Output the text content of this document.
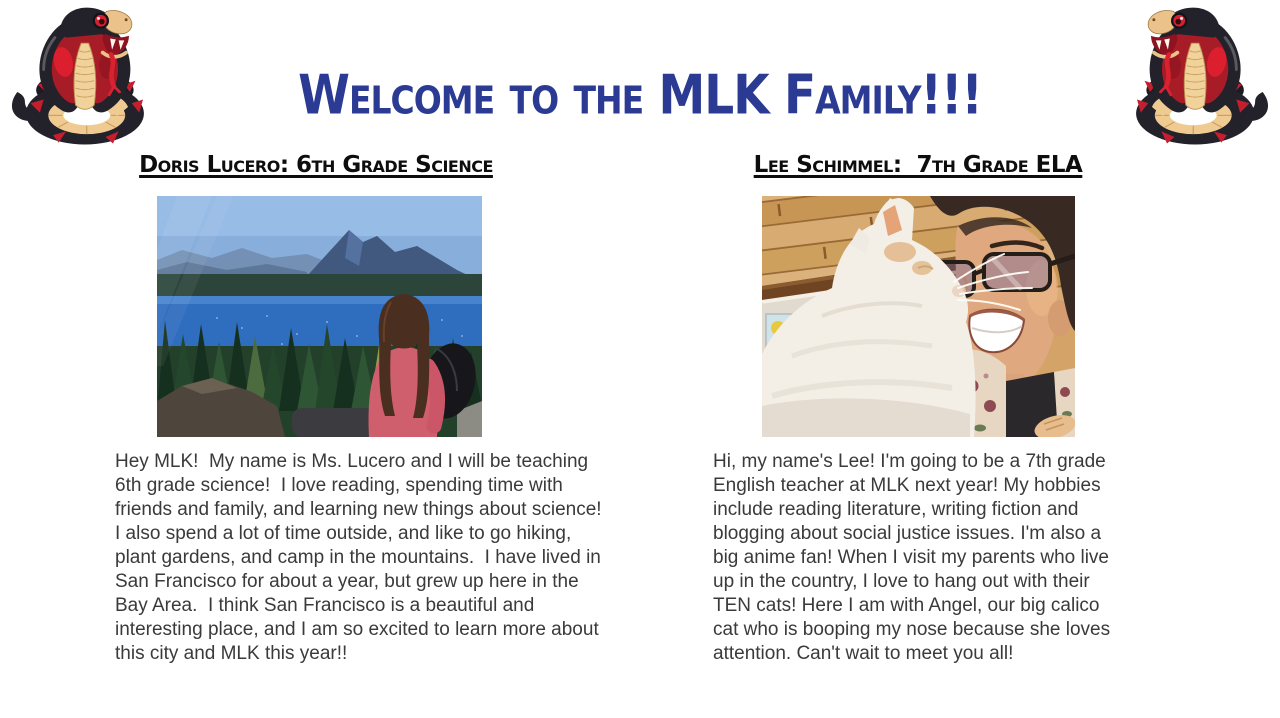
Welcome to the MLK Family!!!
Doris Lucero: 6th Grade Science

Hey MLK!  My name is Ms. Lucero and I will be teaching 6th grade science!  I love reading, spending time with friends and family, and learning new things about science!  I also spend a lot of time outside, and like to go hiking, plant gardens, and camp in the mountains.  I have lived in San Francisco for about a year, but grew up here in the Bay Area.  I think San Francisco is a beautiful and interesting place, and I am so excited to learn more about this city and MLK this year!!

Lee Schimmel:  7th Grade ELA

Hi, my name's Lee! I'm going to be a 7th grade English teacher at MLK next year! My hobbies include reading literature, writing fiction and blogging about social justice issues. I'm also a big anime fan! When I visit my parents who live up in the country, I love to hang out with their TEN cats! Here I am with Angel, our big calico cat who is booping my nose because she loves attention. Can't wait to meet you all!
